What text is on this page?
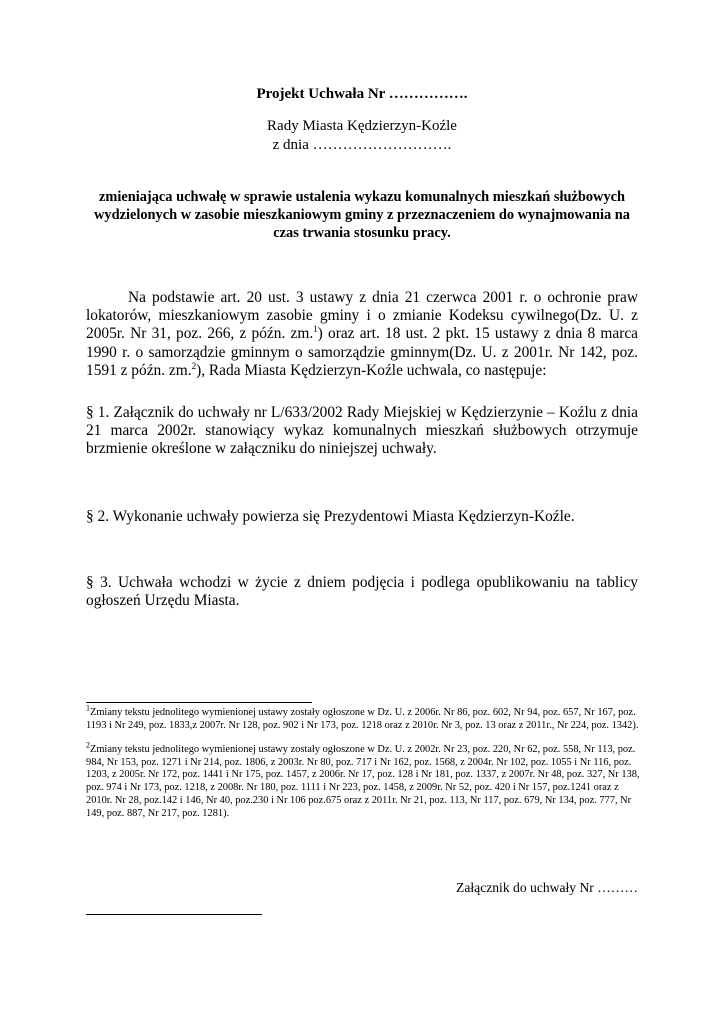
Projekt Uchwała Nr …………….
Rady Miasta Kędzierzyn-Koźle
z dnia ……………………….
zmieniająca uchwałę w sprawie ustalenia wykazu komunalnych mieszkań służbowych wydzielonych w zasobie mieszkaniowym gminy z przeznaczeniem do wynajmowania na czas trwania stosunku pracy.
Na podstawie art. 20 ust. 3 ustawy z dnia 21 czerwca 2001 r. o ochronie praw lokatorów, mieszkaniowym zasobie gminy i o zmianie Kodeksu cywilnego(Dz. U. z 2005r. Nr 31, poz. 266, z późn. zm.$^1$) oraz art. 18 ust. 2 pkt. 15 ustawy z dnia 8 marca 1990 r. o samorządzie gminnym o samorządzie gminnym(Dz. U. z 2001r. Nr 142, poz. 1591 z późn. zm.$^2$), Rada Miasta Kędzierzyn-Koźle uchwala, co następuje:
§ 1. Załącznik do uchwały nr L/633/2002 Rady Miejskiej w Kędzierzynie – Koźlu z dnia 21 marca 2002r. stanowiący wykaz komunalnych mieszkań służbowych otrzymuje brzmienie określone w załączniku do niniejszej uchwały.
§ 2. Wykonanie uchwały powierza się Prezydentowi Miasta Kędzierzyn-Koźle.
§ 3. Uchwała wchodzi w życie z dniem podjęcia i podlega opublikowaniu na tablicy ogłoszeń Urzędu Miasta.
$^1$Zmiany tekstu jednolitego wymienionej ustawy zostały ogłoszone w Dz. U. z 2006r. Nr 86, poz. 602, Nr 94, poz. 657, Nr 167, poz. 1193 i Nr 249, poz. 1833,z 2007r. Nr 128, poz. 902 i Nr 173, poz. 1218 oraz z 2010r. Nr 3, poz. 13 oraz z 2011r., Nr 224, poz. 1342).
$^2$Zmiany tekstu jednolitego wymienionej ustawy zostały ogłoszone w Dz. U. z 2002r. Nr 23, poz. 220, Nr 62, poz. 558, Nr 113, poz. 984, Nr 153, poz. 1271 i Nr 214, poz. 1806, z 2003r. Nr 80, poz. 717 i Nr 162, poz. 1568, z 2004r. Nr 102, poz. 1055 i Nr 116, poz. 1203, z 2005r. Nr 172, poz. 1441 i Nr 175, poz. 1457, z 2006r. Nr 17, poz. 128 i Nr 181, poz. 1337, z 2007r. Nr 48, poz. 327, Nr 138, poz. 974 i Nr 173, poz. 1218, z 2008r. Nr 180, poz. 1111 i Nr 223, poz. 1458, z 2009r. Nr 52, poz. 420 i Nr 157, poz.1241 oraz z 2010r. Nr 28, poz.142 i 146, Nr 40, poz.230 i Nr 106 poz.675 oraz z 2011r. Nr 21, poz. 113, Nr 117, poz. 679, Nr 134, poz. 777, Nr 149, poz. 887, Nr 217, poz. 1281).
Załącznik do uchwały Nr ………
